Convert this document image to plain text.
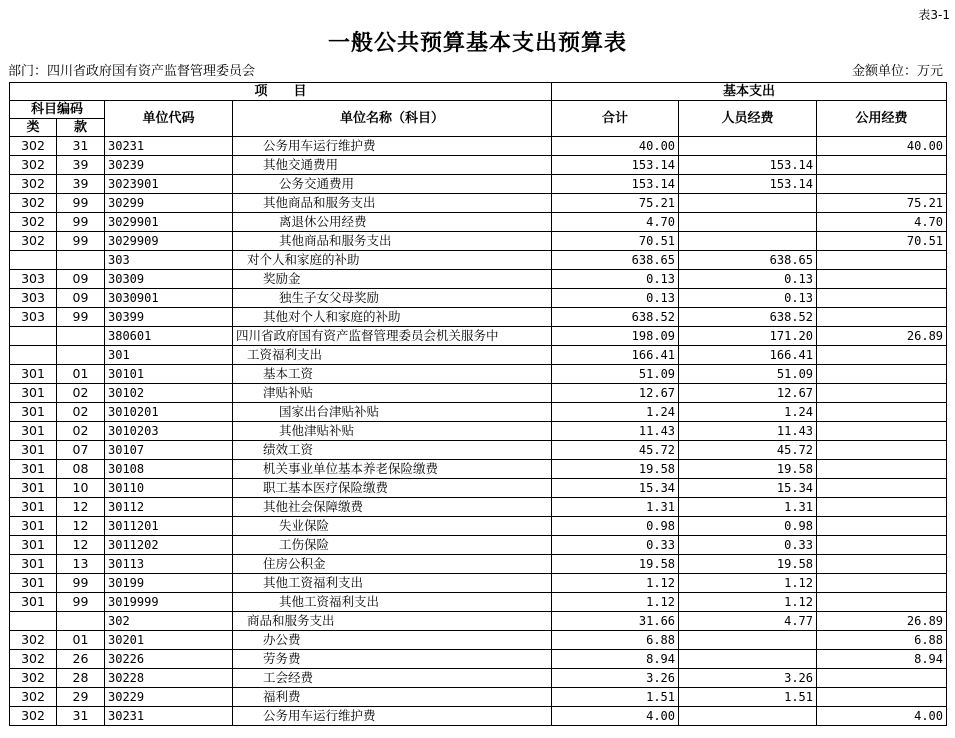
表3-1
一般公共预算基本支出预算表
部门：四川省政府国有资产监督管理委员会	金额单位：万元
项　　目				基本支出		
科目编码		单位代码	单位名称（科目）	合计	人员经费	公用经费
类	款					
302	31	30231	公务用车运行维护费	40.00		40.00
302	39	30239	其他交通费用	153.14	153.14	
302	39	3023901	公务交通费用	153.14	153.14	
302	99	30299	其他商品和服务支出	75.21		75.21
302	99	3029901	离退休公用经费	4.70		4.70
302	99	3029909	其他商品和服务支出	70.51		70.51
		303	对个人和家庭的补助	638.65	638.65	
303	09	30309	奖励金	0.13	0.13	
303	09	3030901	独生子女父母奖励	0.13	0.13	
303	99	30399	其他对个人和家庭的补助	638.52	638.52	
		380601	四川省政府国有资产监督管理委员会机关服务中	198.09	171.20	26.89
		301	工资福利支出	166.41	166.41	
301	01	30101	基本工资	51.09	51.09	
301	02	30102	津贴补贴	12.67	12.67	
301	02	3010201	国家出台津贴补贴	1.24	1.24	
301	02	3010203	其他津贴补贴	11.43	11.43	
301	07	30107	绩效工资	45.72	45.72	
301	08	30108	机关事业单位基本养老保险缴费	19.58	19.58	
301	10	30110	职工基本医疗保险缴费	15.34	15.34	
301	12	30112	其他社会保障缴费	1.31	1.31	
301	12	3011201	失业保险	0.98	0.98	
301	12	3011202	工伤保险	0.33	0.33	
301	13	30113	住房公积金	19.58	19.58	
301	99	30199	其他工资福利支出	1.12	1.12	
301	99	3019999	其他工资福利支出	1.12	1.12	
		302	商品和服务支出	31.66	4.77	26.89
302	01	30201	办公费	6.88		6.88
302	26	30226	劳务费	8.94		8.94
302	28	30228	工会经费	3.26	3.26	
302	29	30229	福利费	1.51	1.51	
302	31	30231	公务用车运行维护费	4.00		4.00
